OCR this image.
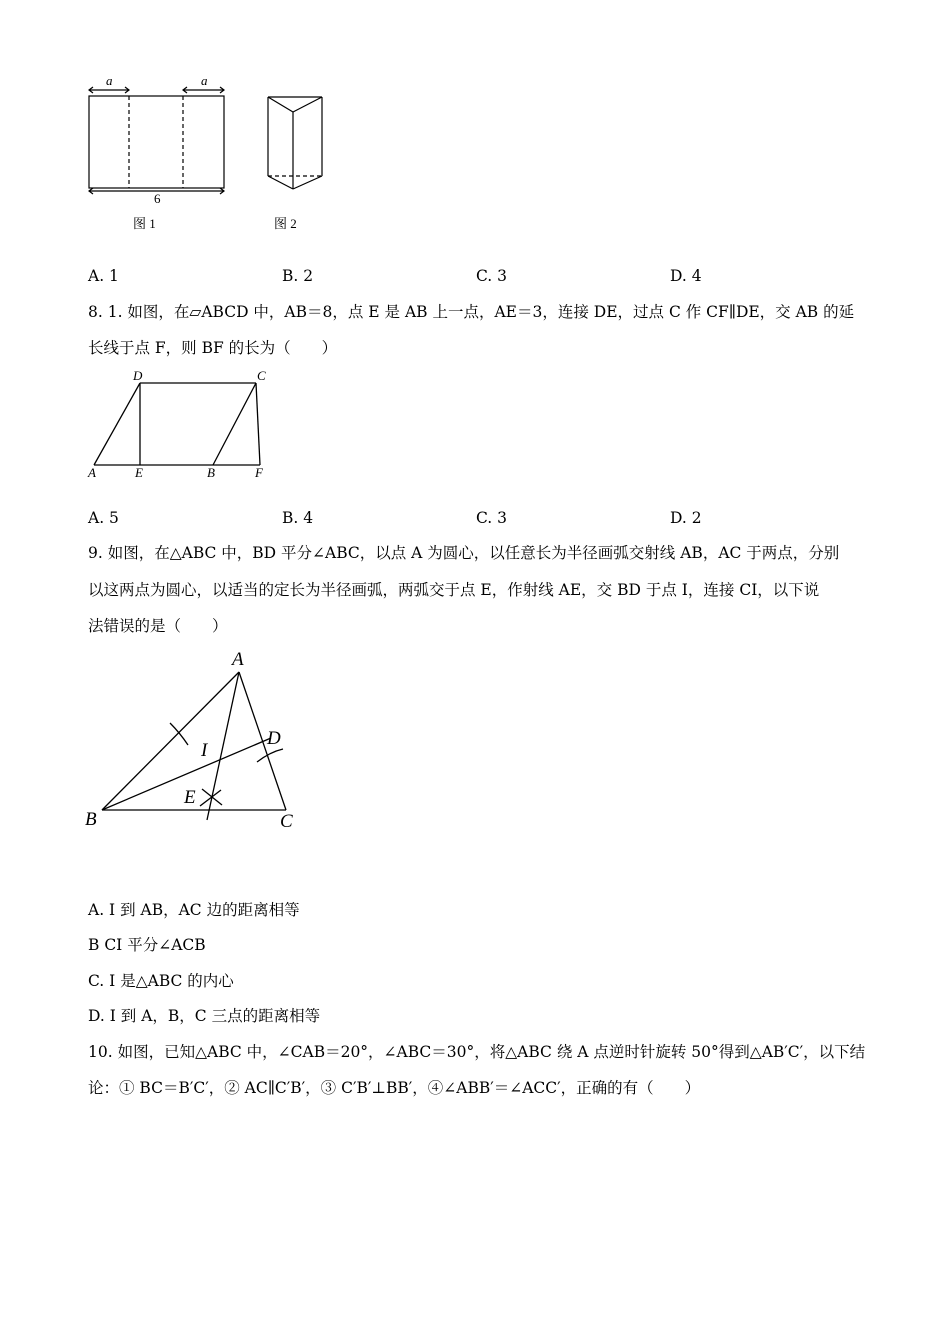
a	a
6
图 1	图 2
A. 1	B. 2	C. 3	D. 4
8. 1. 如图，在▱ABCD 中，AB＝8，点 E 是 AB 上一点，AE＝3，连接 DE，过点 C 作 CF∥DE，交 AB 的延
长线于点 F，则 BF 的长为（　　）
D	C
A	E	B	F
A. 5	B. 4	C. 3	D. 2
9. 如图，在△ABC 中，BD 平分∠ABC，以点 A 为圆心，以任意长为半径画弧交射线 AB，AC 于两点，分别
以这两点为圆心，以适当的定长为半径画弧，两弧交于点 E，作射线 AE，交 BD 于点 I，连接 CI，以下说
法错误的是（　　）
A
D
I
E
B	C
A. I 到 AB，AC 边的距离相等
B CI 平分∠ACB
C. I 是△ABC 的内心
D. I 到 A，B，C 三点的距离相等
10. 如图，已知△ABC 中，∠CAB＝20°，∠ABC＝30°，将△ABC 绕 A 点逆时针旋转 50°得到△AB′C′，以下结
论：① BC＝B′C′，② AC∥C′B′，③ C′B′⊥BB′，④∠ABB′＝∠ACC′，正确的有（　　）
